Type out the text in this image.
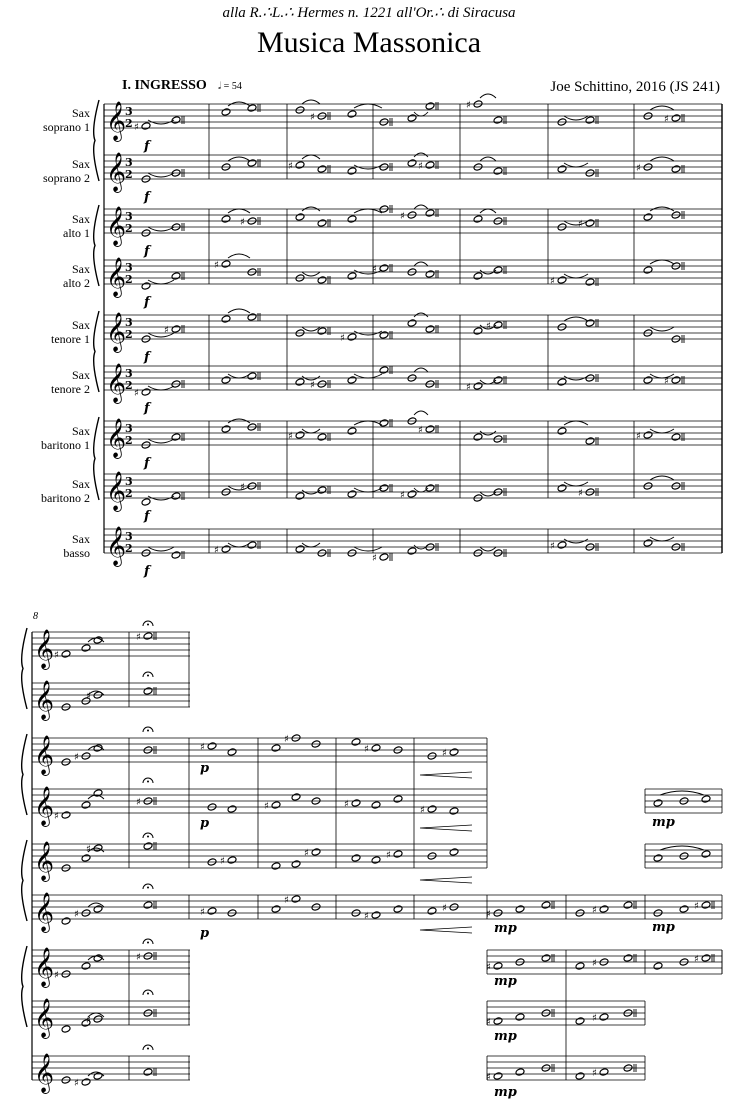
alla R.∴L.∴ Hermes n. 1221 all'Or.∴ di Siracusa
Musica Massonica
Joe Schittino, 2016 (JS 241)
I. INGRESSO 𝅗𝅥 = 54
Sax
soprano 1
Sax
soprano 2
Sax
alto 1
Sax
alto 2
Sax
tenore 1
Sax
tenore 2
Sax
baritono 1
Sax
baritono 2
Sax
basso
8
𝄞
3
2
𝄞
3
2
𝄞
3
2
𝄞
3
2
𝄞
3
2
𝄞
3
2
𝄞
3
2
𝄞
3
2
𝄞
3
2
𝄞
𝄞
𝄞
𝄞
𝄞
𝄞
𝄞
𝄞
𝄞
♯
♯
♯
♯
f
♯	♯	♯
f
♯
♯
♯
f
♯	♯
♯
f
♯
♯
♯
f
♯
♯	♯
♯
f
♯
♯
♯
f
♯
♯	♯
f
♯
♯
♯
f
♯
♯
♯
♯
♯
♯
♯	♯
♯
♯	♯	♯
♯
♯
♯
♯	♯
♯	♯
♯
♯
♯
♯
♯
♯
♯
♯	♯	♯
♯	♯
♯	♯
♯	♯	♯
p
p
p	mp
mp
mp
mp
mp
mp
